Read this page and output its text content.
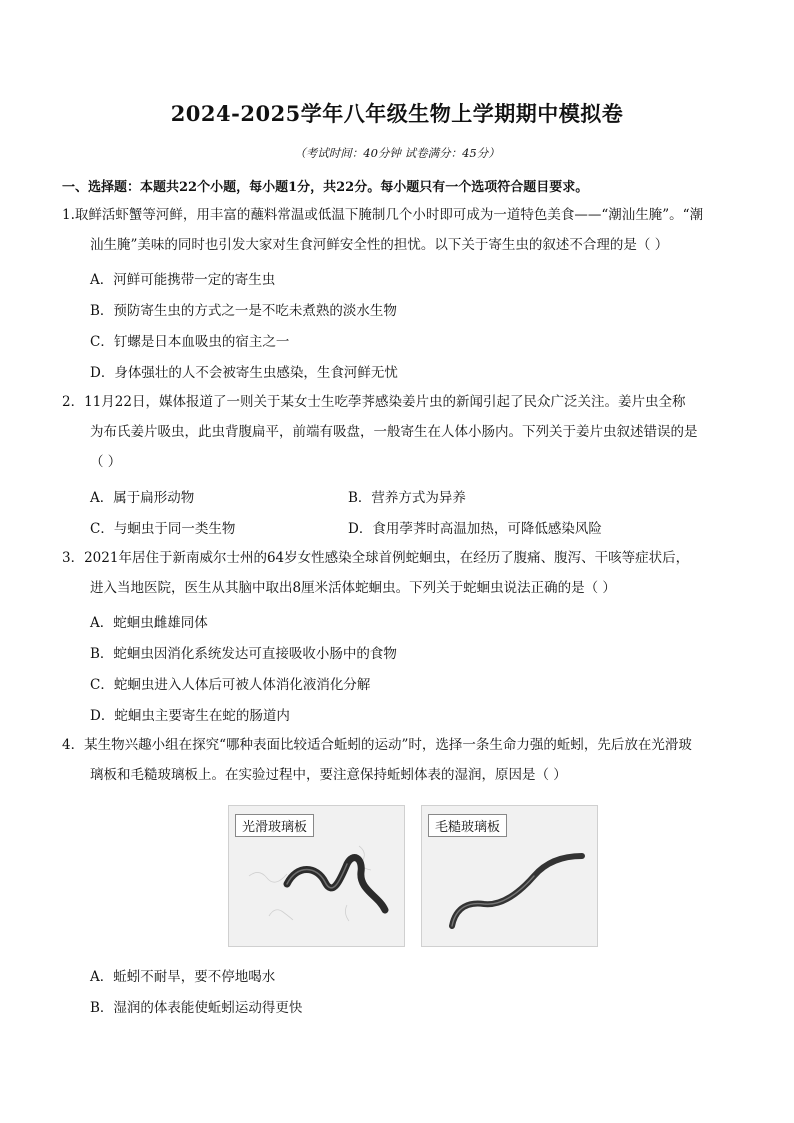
2024-2025学年八年级生物上学期期中模拟卷
（考试时间：40分钟 试卷满分：45分）
一、选择题：本题共22个小题，每小题1分，共22分。每小题只有一个选项符合题目要求。
1.取鲜活虾蟹等河鲜，用丰富的蘸料常温或低温下腌制几个小时即可成为一道特色美食——“潮汕生腌”。“潮
汕生腌”美味的同时也引发大家对生食河鲜安全性的担忧。以下关于寄生虫的叙述不合理的是（ ）
A．河鲜可能携带一定的寄生虫
B．预防寄生虫的方式之一是不吃未煮熟的淡水生物
C．钉螺是日本血吸虫的宿主之一
D．身体强壮的人不会被寄生虫感染，生食河鲜无忧
2．11月22日，媒体报道了一则关于某女士生吃荸荠感染姜片虫的新闻引起了民众广泛关注。姜片虫全称
为布氏姜片吸虫，此虫背腹扁平，前端有吸盘，一般寄生在人体小肠内。下列关于姜片虫叙述错误的是
（ ）
A．属于扁形动物	B．营养方式为异养
C．与蛔虫于同一类生物	D．食用荸荠时高温加热，可降低感染风险
3．2021年居住于新南威尔士州的64岁女性感染全球首例蛇蛔虫，在经历了腹痛、腹泻、干咳等症状后，
进入当地医院，医生从其脑中取出8厘米活体蛇蛔虫。下列关于蛇蛔虫说法正确的是（ ）
A．蛇蛔虫雌雄同体
B．蛇蛔虫因消化系统发达可直接吸收小肠中的食物
C．蛇蛔虫进入人体后可被人体消化液消化分解
D．蛇蛔虫主要寄生在蛇的肠道内
4．某生物兴趣小组在探究“哪种表面比较适合蚯蚓的运动”时，选择一条生命力强的蚯蚓，先后放在光滑玻
璃板和毛糙玻璃板上。在实验过程中，要注意保持蚯蚓体表的湿润，原因是（ ）
光滑玻璃板	毛糙玻璃板
A．蚯蚓不耐旱，要不停地喝水
B．湿润的体表能使蚯蚓运动得更快
